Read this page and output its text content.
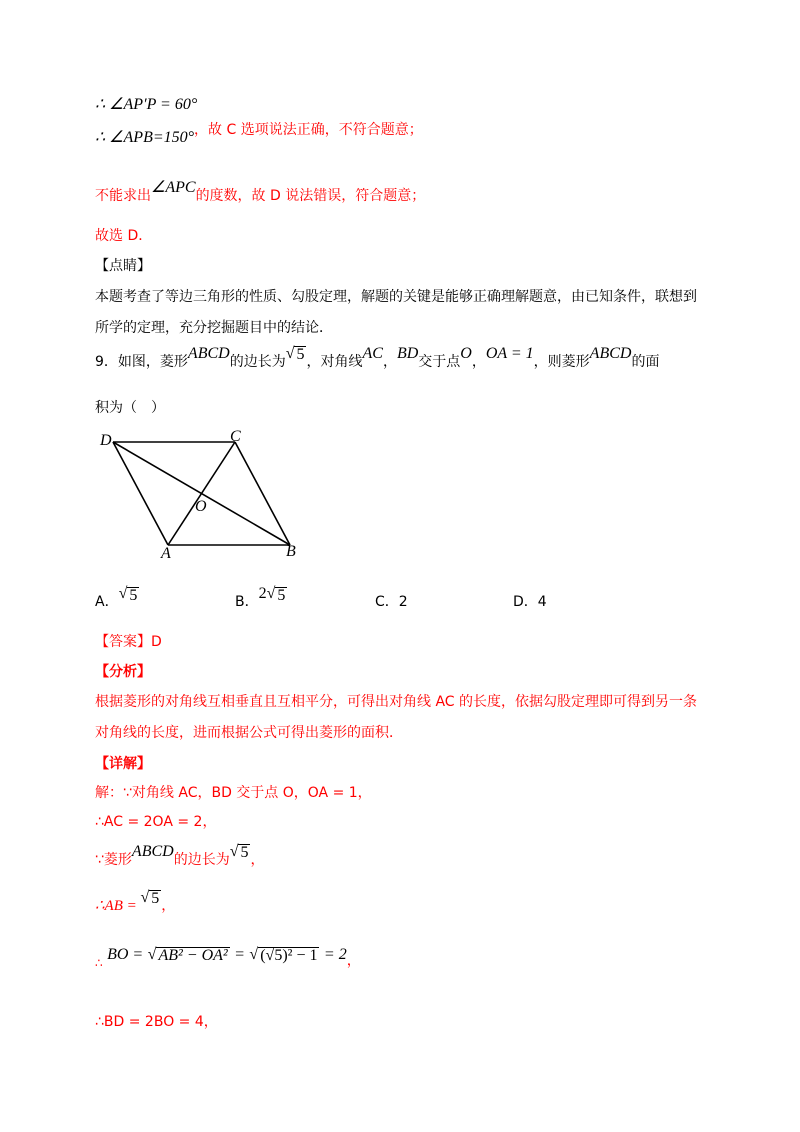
∴ ∠AP′P = 60°
∴ ∠APB=150°，故 C 选项说法正确，不符合题意；
不能求出∠APC的度数，故 D 说法错误，符合题意；
故选 D．
【点睛】
本题考查了等边三角形的性质、勾股定理，解题的关键是能够正确理解题意，由已知条件，联想到
所学的定理，充分挖掘题目中的结论．
9．如图，菱形ABCD的边长为√ 5 ，对角线AC，BD交于点O，OA = 1，则菱形ABCD的面
积为（　）
D	C
O
A	B
A．√ 5	B． 2 √ 5	C．2	D．4
【答案】D
【分析】
根据菱形的对角线互相垂直且互相平分，可得出对角线 AC 的长度，依据勾股定理即可得到另一条
对角线的长度，进而根据公式可得出菱形的面积．
【详解】
解：∵对角线 AC，BD 交于点 O，OA = 1，
∴AC = 2OA = 2，
∵菱形ABCD的边长为√ 5 ，
∴AB = √ 5 ，
∴ BO = √ AB² − OA² = √ (√5)² − 1 = 2，
∴BD = 2BO = 4，
